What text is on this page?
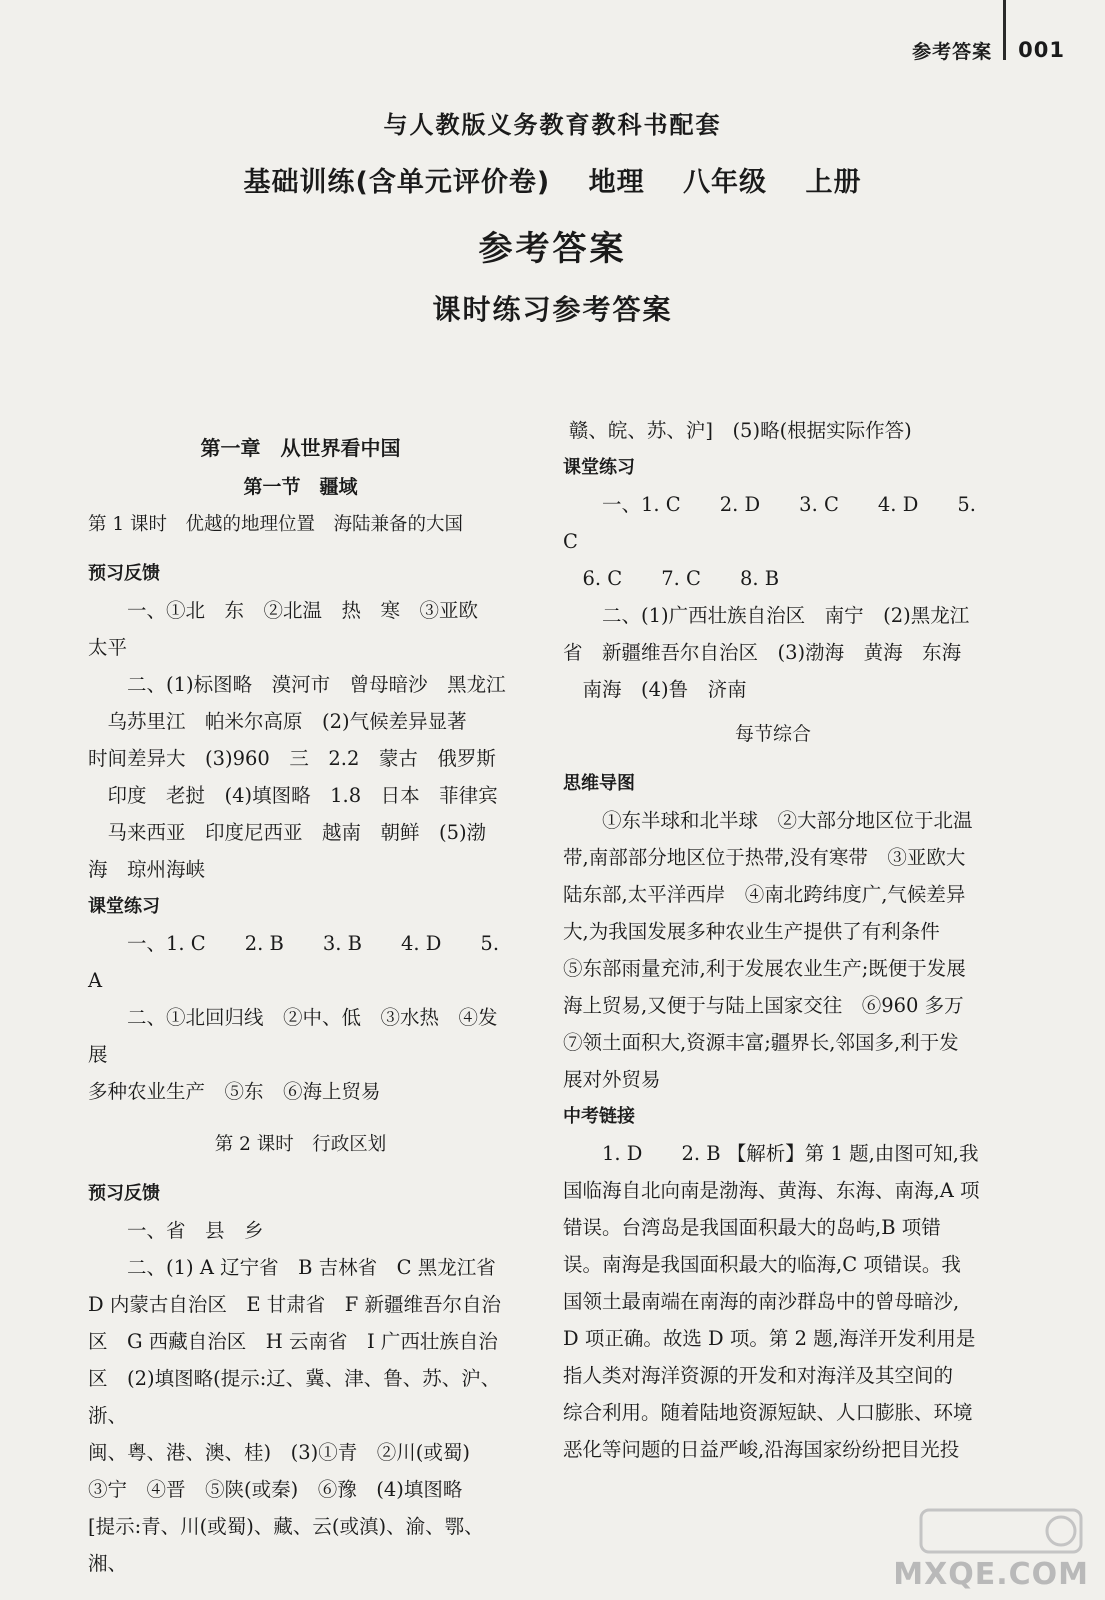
参考答案 001
与人教版义务教育教科书配套
基础训练(含单元评价卷) 地理 八年级 上册
参考答案
课时练习参考答案
第一章　从世界看中国
第一节　疆域
第 1 课时　优越的地理位置　海陆兼备的大国
预习反馈
一、①北　东　②北温　热　寒　③亚欧
太平
二、(1)标图略　漠河市　曾母暗沙　黑龙江
乌苏里江　帕米尔高原　(2)气候差异显著
时间差异大　(3)960　三　2.2　蒙古　俄罗斯
印度　老挝　(4)填图略　1.8　日本　菲律宾
马来西亚　印度尼西亚　越南　朝鲜　(5)渤
海　琼州海峡
课堂练习
一、1. C　　2. B　　3. B　　4. D　　5. A
二、①北回归线　②中、低　③水热　④发展
多种农业生产　⑤东　⑥海上贸易
第 2 课时　行政区划
预习反馈
一、省　县　乡
二、(1) A 辽宁省　B 吉林省　C 黑龙江省
D 内蒙古自治区　E 甘肃省　F 新疆维吾尔自治
区　G 西藏自治区　H 云南省　I 广西壮族自治
区　(2)填图略(提示:辽、冀、津、鲁、苏、沪、浙、
闽、粤、港、澳、桂)　(3)①青　②川(或蜀)
③宁　④晋　⑤陕(或秦)　⑥豫　(4)填图略
[提示:青、川(或蜀)、藏、云(或滇)、渝、鄂、湘、
赣、皖、苏、沪]　(5)略(根据实际作答)
课堂练习
一、1. C　　2. D　　3. C　　4. D　　5. C
6. C　　7. C　　8. B
二、(1)广西壮族自治区　南宁　(2)黑龙江
省　新疆维吾尔自治区　(3)渤海　黄海　东海
南海　(4)鲁　济南
每节综合
思维导图
①东半球和北半球　②大部分地区位于北温
带,南部部分地区位于热带,没有寒带　③亚欧大
陆东部,太平洋西岸　④南北跨纬度广,气候差异
大,为我国发展多种农业生产提供了有利条件
⑤东部雨量充沛,利于发展农业生产;既便于发展
海上贸易,又便于与陆上国家交往　⑥960 多万
⑦领土面积大,资源丰富;疆界长,邻国多,利于发
展对外贸易
中考链接
1. D　　2. B 【解析】第 1 题,由图可知,我
国临海自北向南是渤海、黄海、东海、南海,A 项
错误。台湾岛是我国面积最大的岛屿,B 项错
误。南海是我国面积最大的临海,C 项错误。我
国领土最南端在南海的南沙群岛中的曾母暗沙,
D 项正确。故选 D 项。第 2 题,海洋开发利用是
指人类对海洋资源的开发和对海洋及其空间的
综合利用。随着陆地资源短缺、人口膨胀、环境
恶化等问题的日益严峻,沿海国家纷纷把目光投
MXQE.COM
